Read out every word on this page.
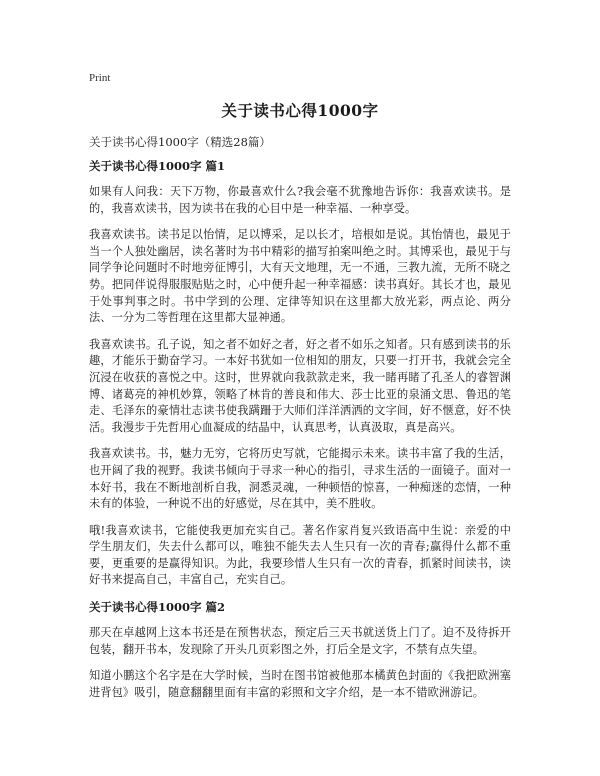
Print
关于读书心得1000字

关于读书心得1000字（精选28篇）

关于读书心得1000字 篇1

如果有人问我：天下万物，你最喜欢什么?我会毫不犹豫地告诉你：我喜欢读书。是的，我喜欢读书，因为读书在我的心目中是一种幸福、一种享受。

我喜欢读书。读书足以怡情，足以博采，足以长才，培根如是说。其怡情也，最见于当一个人独处幽居，读名著时为书中精彩的描写拍案叫绝之时。其博采也，最见于与同学争论问题时不时地旁征博引，大有天文地理，无一不通，三教九流，无所不晓之势。把同伴说得服服贴贴之时，心中便升起一种幸福感：读书真好。其长才也，最见于处事判事之时。书中学到的公理、定律等知识在这里都大放光彩，两点论、两分法、一分为二等哲理在这里都大显神通。

我喜欢读书。孔子说，知之者不如好之者，好之者不如乐之知者。只有感到读书的乐趣，才能乐于勤奋学习。一本好书犹如一位相知的朋友，只要一打开书，我就会完全沉浸在收获的喜悦之中。这时，世界就向我款款走来，我一睹再睹了孔圣人的睿智渊博、诸葛亮的神机妙算，领略了林肯的善良和伟大、莎士比亚的泉涌文思、鲁迅的笔走、毛泽东的豪情壮志读书使我蹒跚于大师们洋洋洒洒的文字间，好不惬意，好不快活。我漫步于先哲用心血凝成的结晶中，认真思考，认真汲取，真是高兴。

我喜欢读书。书，魅力无穷，它将历史写就，它能揭示未来。读书丰富了我的生活，也开阔了我的视野。我读书倾向于寻求一种心的指引，寻求生活的一面镜子。面对一本好书，我在不断地剖析自我，洞悉灵魂，一种顿悟的惊喜，一种痴迷的恋情，一种未有的体验，一种说不出的好感觉，尽在其中，美不胜收。

哦!我喜欢读书，它能使我更加充实自己。著名作家肖复兴致语高中生说：亲爱的中学生朋友们，失去什么都可以，唯独不能失去人生只有一次的青春;赢得什么都不重要，更重要的是赢得知识。为此，我要珍惜人生只有一次的青春，抓紧时间读书，读好书来提高自己，丰富自己，充实自己。

关于读书心得1000字 篇2

那天在卓越网上这本书还是在预售状态，预定后三天书就送货上门了。迫不及待拆开包装，翻开书本，发现除了开头几页彩图之外，打后全是文字，不禁有点失望。

知道小鹏这个名字是在大学时候，当时在图书馆被他那本橘黄色封面的《我把欧洲塞进背包》吸引，随意翻翻里面有丰富的彩照和文字介绍，是一本不错欧洲游记。
